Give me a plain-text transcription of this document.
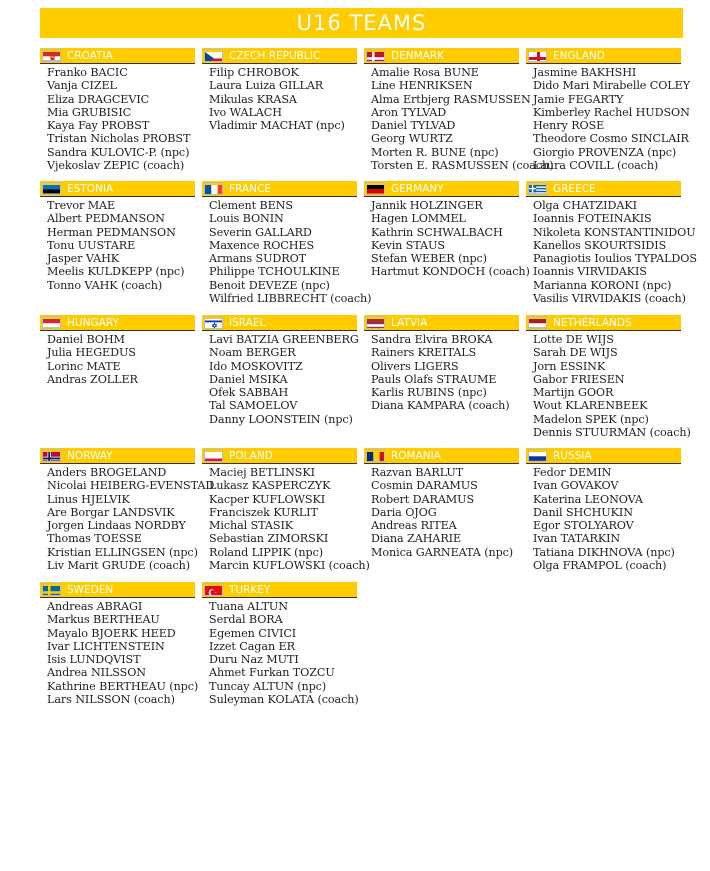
U16 TEAMS
CROATIA
Franko BACIC
Vanja CIZEL
Eliza DRAGCEVIC
Mia GRUBISIC
Kaya Fay PROBST
Tristan Nicholas PROBST
Sandra KULOVIC-P. (npc)
Vjekoslav ZEPIC (coach)
CZECH REPUBLIC
Filip CHROBOK
Laura Luiza GILLAR
Mikulas KRASA
Ivo WALACH
Vladimir MACHAT (npc)
DENMARK
Amalie Rosa BUNE
Line HENRIKSEN
Alma Ertbjerg RASMUSSEN
Aron TYLVAD
Daniel TYLVAD
Georg WURTZ
Morten R. BUNE (npc)
Torsten E. RASMUSSEN (coach)
ENGLAND
Jasmine BAKHSHI
Dido Mari Mirabelle COLEY
Jamie FEGARTY
Kimberley Rachel HUDSON
Henry ROSE
Theodore Cosmo SINCLAIR
Giorgio PROVENZA (npc)
Laura COVILL (coach)
ESTONIA
Trevor MAE
Albert PEDMANSON
Herman PEDMANSON
Tonu UUSTARE
Jasper VAHK
Meelis KULDKEPP (npc)
Tonno VAHK (coach)
FRANCE
Clement BENS
Louis BONIN
Severin GALLARD
Maxence ROCHES
Armans SUDROT
Philippe TCHOULKINE
Benoit DEVEZE (npc)
Wilfried LIBBRECHT (coach)
GERMANY
Jannik HOLZINGER
Hagen LOMMEL
Kathrin SCHWALBACH
Kevin STAUS
Stefan WEBER (npc)
Hartmut KONDOCH (coach)
GREECE
Olga CHATZIDAKI
Ioannis FOTEINAKIS
Nikoleta KONSTANTINIDOU
Kanellos SKOURTSIDIS
Panagiotis Ioulios TYPALDOS
Ioannis VIRVIDAKIS
Marianna KORONI (npc)
Vasilis VIRVIDAKIS (coach)
HUNGARY
Daniel BOHM
Julia HEGEDUS
Lorinc MATE
Andras ZOLLER
ISRAEL
Lavi BATZIA GREENBERG
Noam BERGER
Ido MOSKOVITZ
Daniel MSIKA
Ofek SABBAH
Tal SAMOELOV
Danny LOONSTEIN (npc)
LATVIA
Sandra Elvira BROKA
Rainers KREITALS
Olivers LIGERS
Pauls Olafs STRAUME
Karlis RUBINS (npc)
Diana KAMPARA (coach)
NETHERLANDS
Lotte DE WIJS
Sarah DE WIJS
Jorn ESSINK
Gabor FRIESEN
Martijn GOOR
Wout KLARENBEEK
Madelon SPEK (npc)
Dennis STUURMAN (coach)
NORWAY
Anders BROGELAND
Nicolai HEIBERG-EVENSTAD
Linus HJELVIK
Are Borgar LANDSVIK
Jorgen Lindaas NORDBY
Thomas TOESSE
Kristian ELLINGSEN (npc)
Liv Marit GRUDE (coach)
POLAND
Maciej BETLINSKI
Lukasz KASPERCZYK
Kacper KUFLOWSKI
Franciszek KURLIT
Michal STASIK
Sebastian ZIMORSKI
Roland LIPPIK (npc)
Marcin KUFLOWSKI (coach)
ROMANIA
Razvan BARLUT
Cosmin DARAMUS
Robert DARAMUS
Daria OJOG
Andreas RITEA
Diana ZAHARIE
Monica GARNEATA (npc)
RUSSIA
Fedor DEMIN
Ivan GOVAKOV
Katerina LEONOVA
Danil SHCHUKIN
Egor STOLYAROV
Ivan TATARKIN
Tatiana DIKHNOVA (npc)
Olga FRAMPOL (coach)
SWEDEN
Andreas ABRAGI
Markus BERTHEAU
Mayalo BJOERK HEED
Ivar LICHTENSTEIN
Isis LUNDQVIST
Andrea NILSSON
Kathrine BERTHEAU (npc)
Lars NILSSON (coach)
TURKEY
Tuana ALTUN
Serdal BORA
Egemen CIVICI
Izzet Cagan ER
Duru Naz MUTI
Ahmet Furkan TOZCU
Tuncay ALTUN (npc)
Suleyman KOLATA (coach)
